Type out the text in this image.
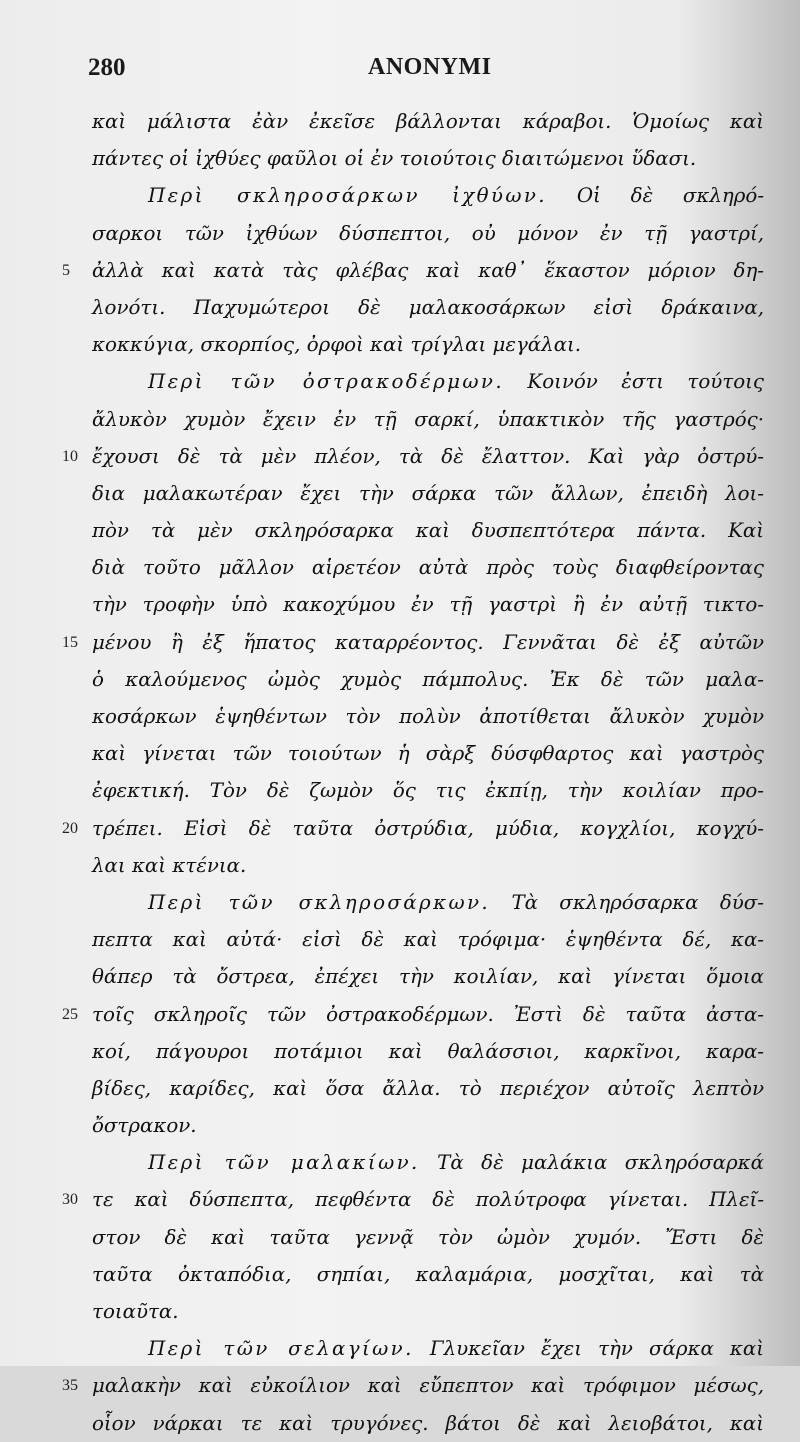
280	ANONYMI
καὶ μάλιστα ἐὰν ἐκεῖσε βάλλονται κάραβοι. Ὁμοίως καὶ
πάντες οἱ ἰχθύες φαῦλοι οἱ ἐν τοιούτοις διαιτώμενοι ὕδασι.
Περὶ σκληροσάρκων ἰχθύων. Οἱ δὲ σκληρό-
σαρκοι τῶν ἰχθύων δύσπεπτοι, οὐ μόνον ἐν τῇ γαστρί,
5	ἀλλὰ καὶ κατὰ τὰς φλέβας καὶ καθ᾽ ἕκαστον μόριον δη-
λονότι. Παχυμώτεροι δὲ μαλακοσάρκων εἰσὶ δράκαινα,
κοκκύγια, σκορπίος, ὀρφοὶ καὶ τρίγλαι μεγάλαι.
Περὶ τῶν ὀστρακοδέρμων. Κοινόν ἐστι τούτοις
ἄλυκὸν χυμὸν ἔχειν ἐν τῇ σαρκί, ὑπακτικὸν τῆς γαστρός·
10 ἔχουσι δὲ τὰ μὲν πλέον, τὰ δὲ ἔλαττον. Καὶ γὰρ ὀστρύ-
δια μαλακωτέραν ἔχει τὴν σάρκα τῶν ἄλλων, ἐπειδὴ λοι-
πὸν τὰ μὲν σκληρόσαρκα καὶ δυσπεπτότερα πάντα. Καὶ
διὰ τοῦτο μᾶλλον αἱρετέον αὐτὰ πρὸς τοὺς διαφθείροντας
τὴν τροφὴν ὑπὸ κακοχύμου ἐν τῇ γαστρὶ ἢ ἐν αὐτῇ τικτο-
15 μένου ἢ ἐξ ἥπατος καταρρέοντος. Γεννᾶται δὲ ἐξ αὐτῶν
ὁ καλούμενος ὠμὸς χυμὸς πάμπολυς. Ἐκ δὲ τῶν μαλα-
κοσάρκων ἑψηθέντων τὸν πολὺν ἀποτίθεται ἄλυκὸν χυμὸν
καὶ γίνεται τῶν τοιούτων ἡ σὰρξ δύσφθαρτος καὶ γαστρὸς
ἐφεκτική. Τὸν δὲ ζωμὸν ὅς τις ἐκπίῃ, τὴν κοιλίαν προ-
20 τρέπει. Εἰσὶ δὲ ταῦτα ὀστρύδια, μύδια, κογχλίοι, κογχύ-
λαι καὶ κτένια.
Περὶ τῶν σκληροσάρκων. Τὰ σκληρόσαρκα δύσ-
πεπτα καὶ αὐτά· εἰσὶ δὲ καὶ τρόφιμα· ἑψηθέντα δέ, κα-
θάπερ τὰ ὄστρεα, ἐπέχει τὴν κοιλίαν, καὶ γίνεται ὅμοια
25 τοῖς σκληροῖς τῶν ὀστρακοδέρμων. Ἐστὶ δὲ ταῦτα ἀστα-
κοί, πάγουροι ποτάμιοι καὶ θαλάσσιοι, καρκῖνοι, καρα-
βίδες, καρίδες, καὶ ὅσα ἄλλα. τὸ περιέχον αὐτοῖς λεπτὸν
ὄστρακον.
Περὶ τῶν μαλακίων. Τὰ δὲ μαλάκια σκληρόσαρκά
30 τε καὶ δύσπεπτα, πεφθέντα δὲ πολύτροφα γίνεται. Πλεῖ-
στον δὲ καὶ ταῦτα γεννᾷ τὸν ὠμὸν χυμόν. Ἔστι δὲ
ταῦτα ὀκταπόδια, σηπίαι, καλαμάρια, μοσχῖται, καὶ τὰ
τοιαῦτα.
Περὶ τῶν σελαγίων. Γλυκεῖαν ἔχει τὴν σάρκα καὶ
35 μαλακὴν καὶ εὐκοίλιον καὶ εὔπεπτον καὶ τρόφιμον μέσως,
οἷον νάρκαι τε καὶ τρυγόνες. βάτοι δὲ καὶ λειοβάτοι, καὶ
